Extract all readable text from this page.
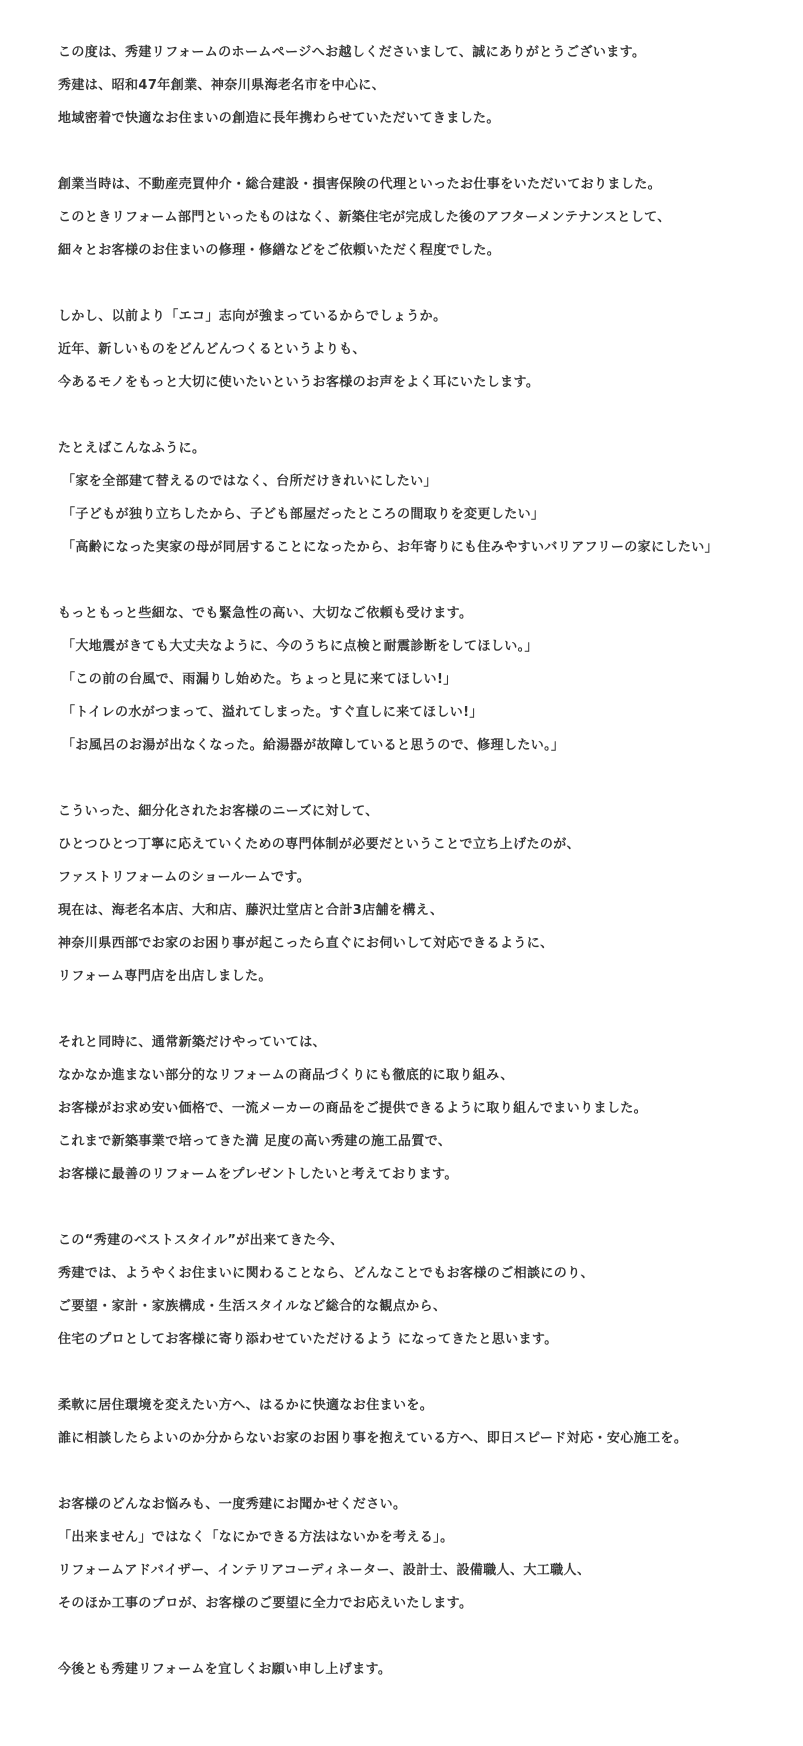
この度は、秀建リフォームのホームページへお越しくださいまして、誠にありがとうございます。
秀建は、昭和47年創業、神奈川県海老名市を中心に、
地域密着で快適なお住まいの創造に長年携わらせていただいてきました。
創業当時は、不動産売買仲介・総合建設・損害保険の代理といったお仕事をいただいておりました。
このときリフォーム部門といったものはなく、新築住宅が完成した後のアフターメンテナンスとして、
細々とお客様のお住まいの修理・修繕などをご依頼いただく程度でした。
しかし、以前より「エコ」志向が強まっているからでしょうか。
近年、新しいものをどんどんつくるというよりも、
今あるモノをもっと大切に使いたいというお客様のお声をよく耳にいたします。
たとえばこんなふうに。
「家を全部建て替えるのではなく、台所だけきれいにしたい」
「子どもが独り立ちしたから、子ども部屋だったところの間取りを変更したい」
「高齢になった実家の母が同居することになったから、お年寄りにも住みやすいバリアフリーの家にしたい」
もっともっと些細な、でも緊急性の高い、大切なご依頼も受けます。
「大地震がきても大丈夫なように、今のうちに点検と耐震診断をしてほしい。」
「この前の台風で、雨漏りし始めた。ちょっと見に来てほしい!」
「トイレの水がつまって、溢れてしまった。すぐ直しに来てほしい!」
「お風呂のお湯が出なくなった。給湯器が故障していると思うので、修理したい。」
こういった、細分化されたお客様のニーズに対して、
ひとつひとつ丁寧に応えていくための専門体制が必要だということで立ち上げたのが、
ファストリフォームのショールームです。
現在は、海老名本店、大和店、藤沢辻堂店と合計3店舗を構え、
神奈川県西部でお家のお困り事が起こったら直ぐにお伺いして対応できるように、
リフォーム専門店を出店しました。
それと同時に、通常新築だけやっていては、
なかなか進まない部分的なリフォームの商品づくりにも徹底的に取り組み、
お客様がお求め安い価格で、一流メーカーの商品をご提供できるように取り組んでまいりました。
これまで新築事業で培ってきた満 足度の高い秀建の施工品質で、
お客様に最善のリフォームをプレゼントしたいと考えております。
この“秀建のベストスタイル”が出来てきた今、
秀建では、ようやくお住まいに関わることなら、どんなことでもお客様のご相談にのり、
ご要望・家計・家族構成・生活スタイルなど総合的な観点から、
住宅のプロとしてお客様に寄り添わせていただけるよう になってきたと思います。
柔軟に居住環境を変えたい方へ、はるかに快適なお住まいを。
誰に相談したらよいのか分からないお家のお困り事を抱えている方へ、即日スピード対応・安心施工を。
お客様のどんなお悩みも、一度秀建にお聞かせください。
「出来ません」ではなく「なにかできる方法はないかを考える」。
リフォームアドバイザー、インテリアコーディネーター、設計士、設備職人、大工職人、
そのほか工事のプロが、お客様のご要望に全力でお応えいたします。
今後とも秀建リフォームを宜しくお願い申し上げます。
